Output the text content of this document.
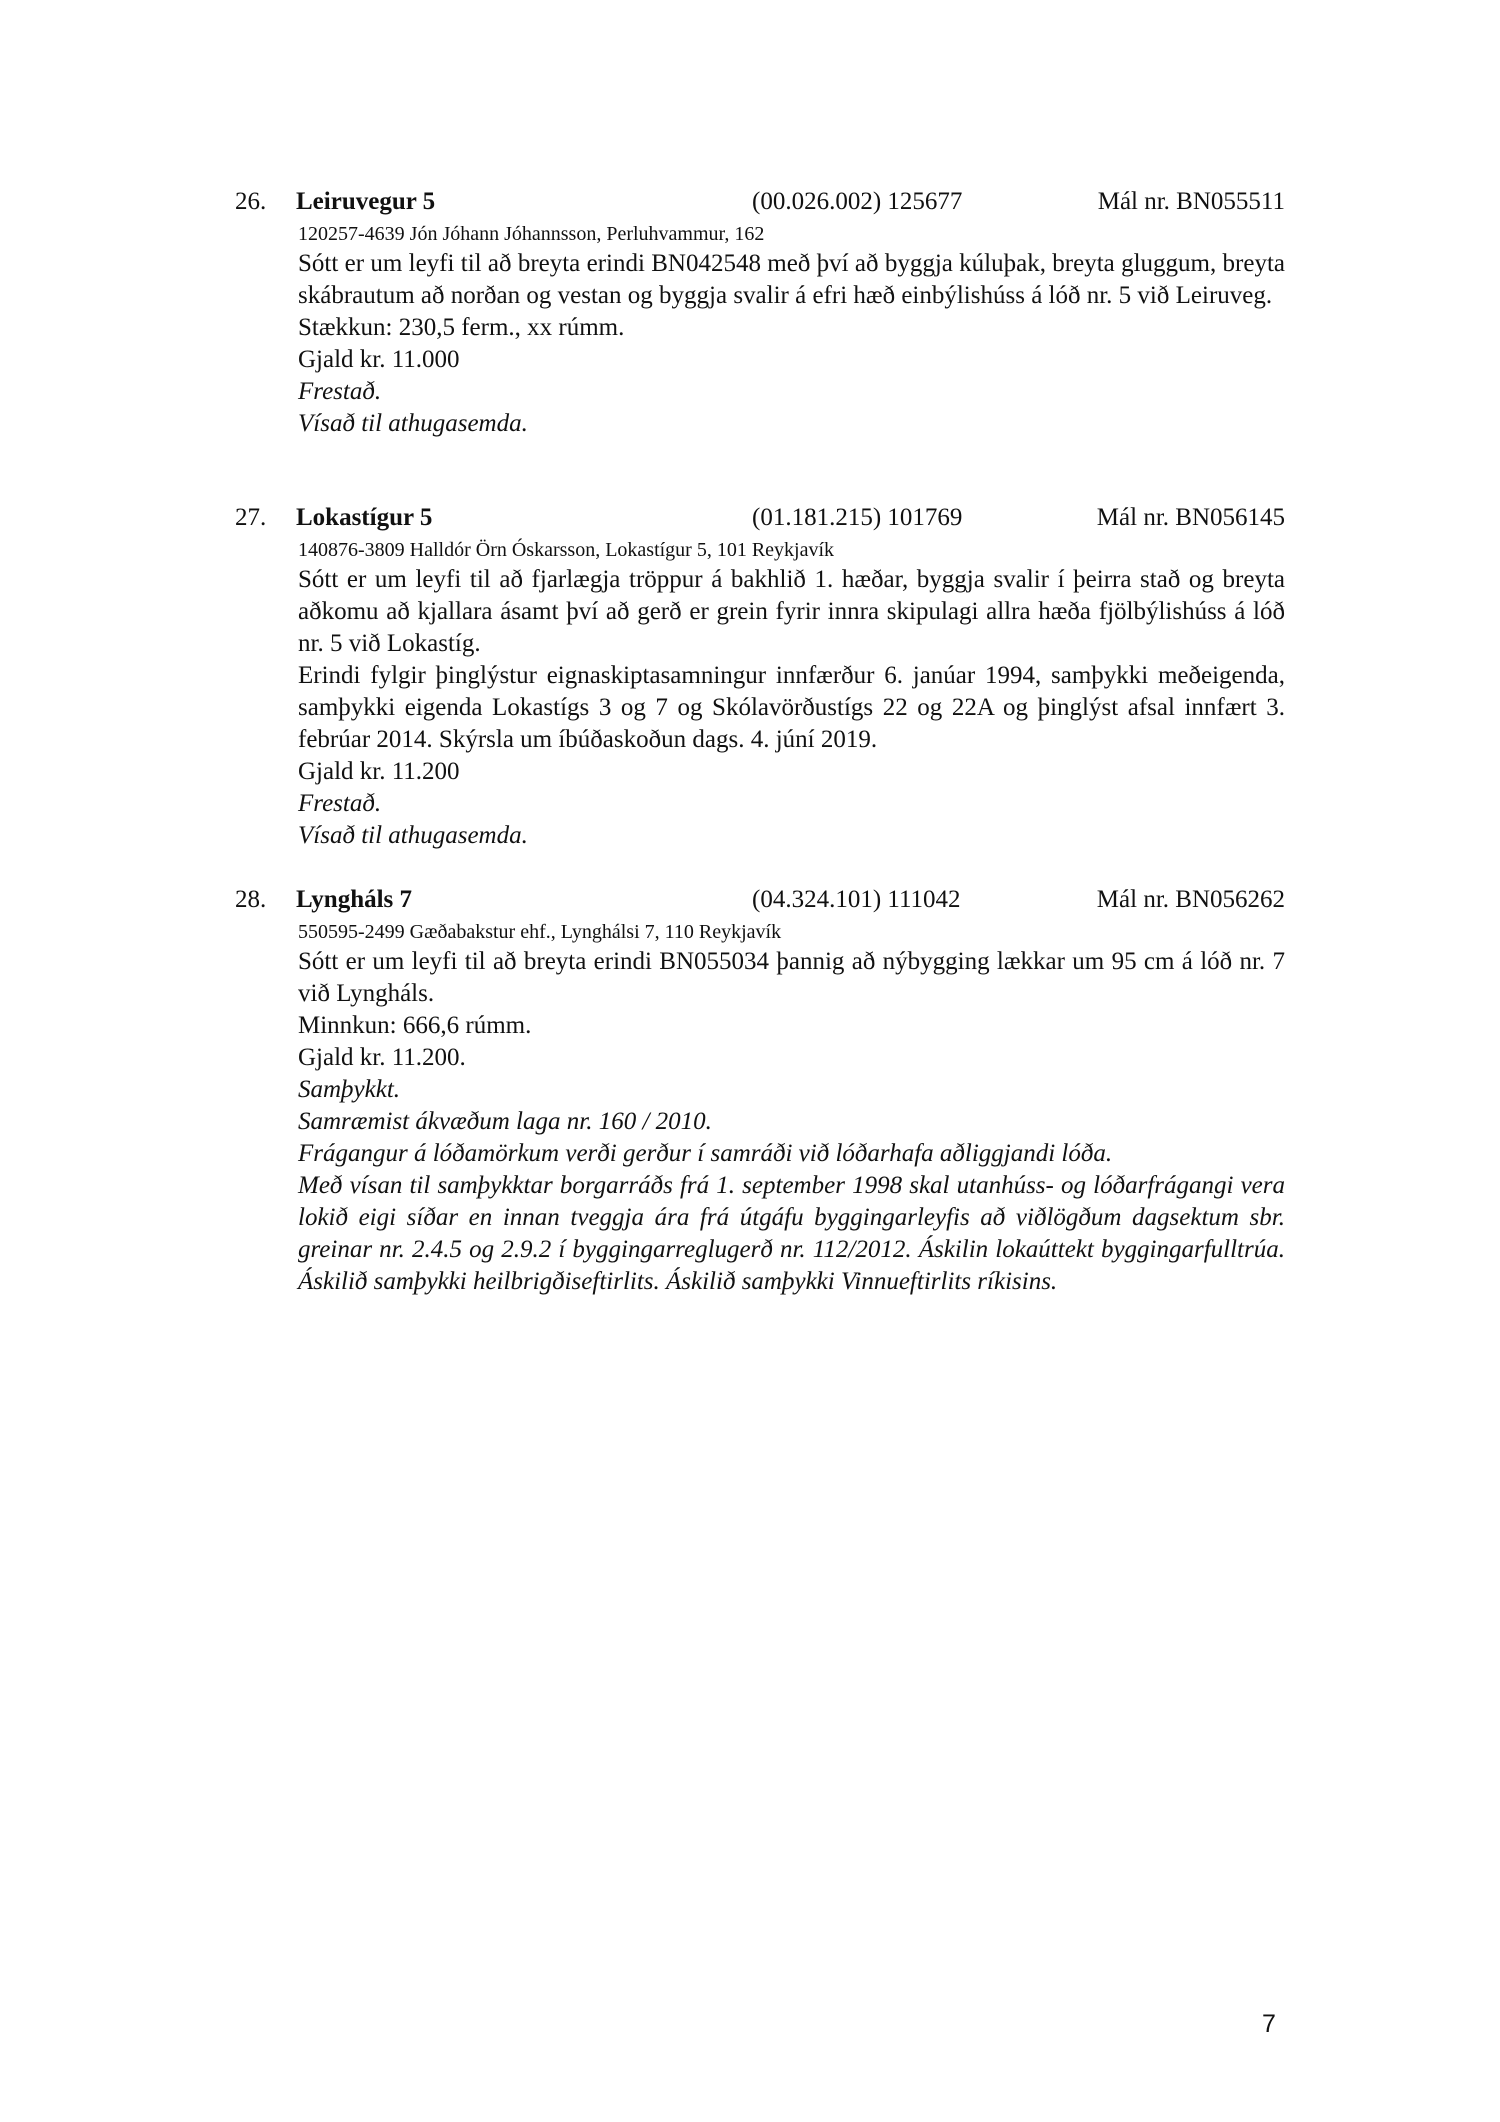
26. Leiruvegur 5	(00.026.002) 125677	Mál nr. BN055511
120257-4639 Jón Jóhann Jóhannsson, Perluhvammur, 162

Sótt er um leyfi til að breyta erindi BN042548 með því að byggja kúluþak, breyta gluggum, breyta skábrautum að norðan og vestan og byggja svalir á efri hæð einbýlishúss á lóð nr. 5 við Leiruveg.

Stækkun: 230,5 ferm., xx rúmm.
Gjald kr. 11.000
Frestað.
Vísað til athugasemda.
27. Lokastígur 5	(01.181.215) 101769	Mál nr. BN056145
140876-3809 Halldór Örn Óskarsson, Lokastígur 5, 101 Reykjavík

Sótt er um leyfi til að fjarlægja tröppur á bakhlið 1. hæðar, byggja svalir í þeirra stað og breyta aðkomu að kjallara ásamt því að gerð er grein fyrir innra skipulagi allra hæða fjölbýlishúss á lóð nr. 5 við Lokastíg.

Erindi fylgir þinglýstur eignaskiptasamningur innfærður 6. janúar 1994, samþykki meðeigenda, samþykki eigenda Lokastígs 3 og 7 og Skólavörðustígs 22 og 22A og þinglýst afsal innfært 3. febrúar 2014. Skýrsla um íbúðaskoðun dags. 4. júní 2019.

Gjald kr. 11.200
Frestað.
Vísað til athugasemda.
28. Lyngháls 7	(04.324.101) 111042	Mál nr. BN056262
550595-2499 Gæðabakstur ehf., Lynghálsi 7, 110 Reykjavík

Sótt er um leyfi til að breyta erindi BN055034 þannig að nýbygging lækkar um 95 cm á lóð nr. 7 við Lyngháls.

Minnkun: 666,6 rúmm.
Gjald kr. 11.200.
Samþykkt.
Samræmist ákvæðum laga nr. 160 / 2010.
Frágangur á lóðamörkum verði gerður í samráði við lóðarhafa aðliggjandi lóða.

Með vísan til samþykktar borgarráðs frá 1. september 1998 skal utanhúss- og lóðarfrágangi vera lokið eigi síðar en innan tveggja ára frá útgáfu byggingarleyfis að viðlögðum dagsektum sbr. greinar nr. 2.4.5 og 2.9.2 í byggingarreglugerð nr. 112/2012. Áskilin lokaúttekt byggingarfulltrúa. Áskilið samþykki heilbrigðiseftirlits. Áskilið samþykki Vinnueftirlits ríkisins.

7
